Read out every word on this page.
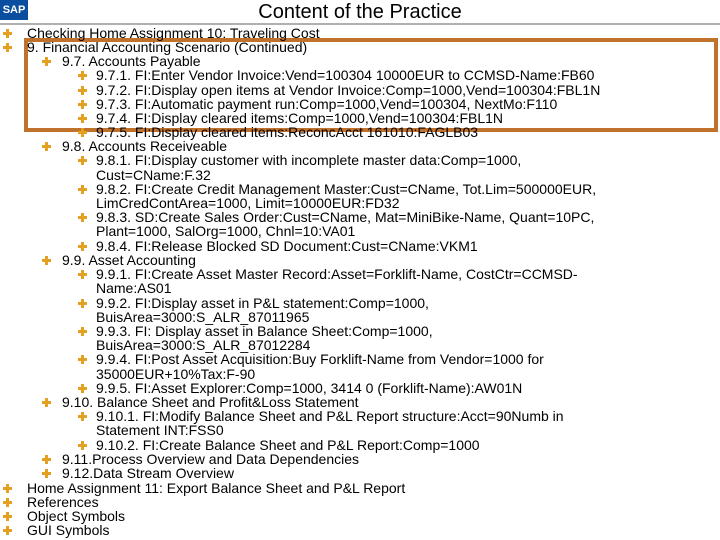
SAP	Content of the Practice
Checking Home Assignment 10: Traveling Cost
9. Financial Accounting Scenario (Continued)
9.7. Accounts Payable
9.7.1. FI:Enter Vendor Invoice:Vend=100304 10000EUR to CCMSD-Name:FB60
9.7.2. FI:Display open items at Vendor Invoice:Comp=1000,Vend=100304:FBL1N
9.7.3. FI:Automatic payment run:Comp=1000,Vend=100304, NextMo:F110
9.7.4. FI:Display cleared items:Comp=1000,Vend=100304:FBL1N
9.7.5. FI:Display cleared items:ReconcAcct 161010:FAGLB03
9.8. Accounts Receiveable
9.8.1. FI:Display customer with incomplete master data:Comp=1000,
Cust=CName:F.32
9.8.2. FI:Create Credit Management Master:Cust=CName, Tot.Lim=500000EUR,
LimCredContArea=1000, Limit=10000EUR:FD32
9.8.3. SD:Create Sales Order:Cust=CName, Mat=MiniBike-Name, Quant=10PC,
Plant=1000, SalOrg=1000, Chnl=10:VA01
9.8.4. FI:Release Blocked SD Document:Cust=CName:VKM1
9.9. Asset Accounting
9.9.1. FI:Create Asset Master Record:Asset=Forklift-Name, CostCtr=CCMSD-
Name:AS01
9.9.2. FI:Display asset in P&L statement:Comp=1000,
BuisArea=3000:S_ALR_87011965
9.9.3. FI: Display asset in Balance Sheet:Comp=1000,
BuisArea=3000:S_ALR_87012284
9.9.4. FI:Post Asset Acquisition:Buy Forklift-Name from Vendor=1000 for
35000EUR+10%Tax:F-90
9.9.5. FI:Asset Explorer:Comp=1000, 3414 0 (Forklift-Name):AW01N
9.10. Balance Sheet and Profit&Loss Statement
9.10.1. FI:Modify Balance Sheet and P&L Report structure:Acct=90Numb in
Statement INT:FSS0
9.10.2. FI:Create Balance Sheet and P&L Report:Comp=1000
9.11.Process Overview and Data Dependencies
9.12.Data Stream Overview
Home Assignment 11: Export Balance Sheet and P&L Report
References
Object Symbols
GUI Symbols
